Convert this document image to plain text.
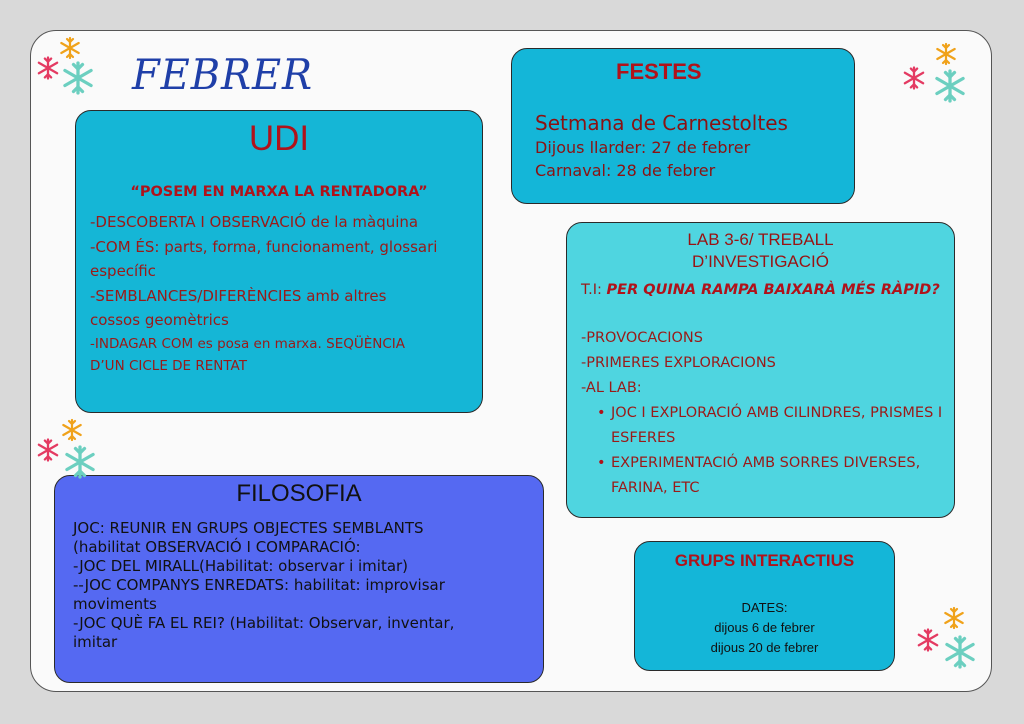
FEBRER
UDI
“POSEM EN MARXA LA RENTADORA”
-DESCOBERTA I OBSERVACIÓ de la màquina
-COM ÉS: parts, forma, funcionament, glossari
específic
-SEMBLANCES/DIFERÈNCIES amb altres
cossos geomètrics
-INDAGAR COM es posa en marxa. SEQÜÈNCIA
D’UN CICLE DE RENTAT
FESTES
Setmana de Carnestoltes
Dijous llarder: 27 de febrer
Carnaval: 28 de febrer
LAB 3-6/ TREBALL
D’INVESTIGACIÓ
T.I: PER QUINA RAMPA BAIXARÀ MÉS RÀPID?
-PROVOCACIONS
-PRIMERES EXPLORACIONS
-AL LAB:
• JOC I EXPLORACIÓ AMB CILINDRES, PRISMES I ESFERES
• EXPERIMENTACIÓ AMB SORRES DIVERSES, FARINA, ETC
FILOSOFIA
JOC: REUNIR EN GRUPS OBJECTES SEMBLANTS
(habilitat OBSERVACIÓ I COMPARACIÓ:
-JOC DEL MIRALL(Habilitat: observar i imitar)
--JOC COMPANYS ENREDATS: habilitat: improvisar
moviments
-JOC QUÈ FA EL REI? (Habilitat: Observar, inventar,
imitar
GRUPS INTERACTIUS
DATES:
dijous 6 de febrer
dijous 20 de febrer
